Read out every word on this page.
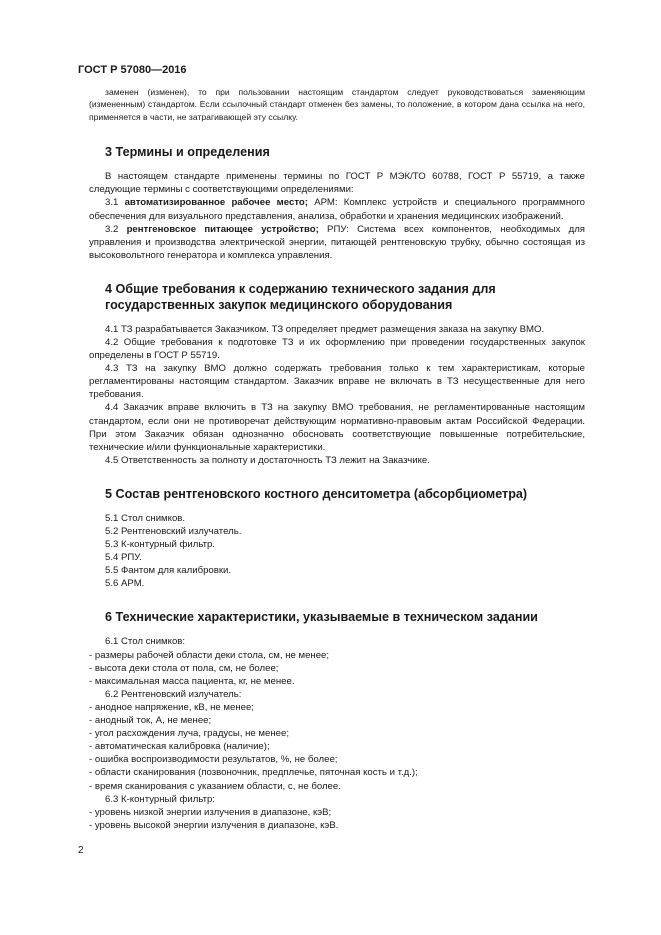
ГОСТ Р 57080—2016

заменен (изменен), то при пользовании настоящим стандартом следует руководствоваться заменяющим (измененным) стандартом. Если ссылочный стандарт отменен без замены, то положение, в котором дана ссылка на него, применяется в части, не затрагивающей эту ссылку.

3 Термины и определения

В настоящем стандарте применены термины по ГОСТ Р МЭК/ТО 60788, ГОСТ Р 55719, а также следующие термины с соответствующими определениями:

3.1 автоматизированное рабочее место; АРМ: Комплекс устройств и специального программного обеспечения для визуального представления, анализа, обработки и хранения медицинских изображений.

3.2 рентгеновское питающее устройство; РПУ: Система всех компонентов, необходимых для управления и производства электрической энергии, питающей рентгеновскую трубку, обычно состоящая из высоковольтного генератора и комплекса управления.

4 Общие требования к содержанию технического задания для государственных закупок медицинского оборудования

4.1 ТЗ разрабатывается Заказчиком. ТЗ определяет предмет размещения заказа на закупку ВМО.

4.2 Общие требования к подготовке ТЗ и их оформлению при проведении государственных закупок определены в ГОСТ Р 55719.

4.3 ТЗ на закупку ВМО должно содержать требования только к тем характеристикам, которые регламентированы настоящим стандартом. Заказчик вправе не включать в ТЗ несущественные для него требования.

4.4 Заказчик вправе включить в ТЗ на закупку ВМО требования, не регламентированные настоящим стандартом, если они не противоречат действующим нормативно-правовым актам Российской Федерации. При этом Заказчик обязан однозначно обосновать соответствующие повышенные потребительские, технические и/или функциональные характеристики.

4.5 Ответственность за полноту и достаточность ТЗ лежит на Заказчике.

5 Состав рентгеновского костного денситометра (абсорбциометра)

5.1 Стол снимков.

5.2 Рентгеновский излучатель.

5.3 К-контурный фильтр.

5.4 РПУ.

5.5 Фантом для калибровки.

5.6 АРМ.

6 Технические характеристики, указываемые в техническом задании

6.1 Стол снимков:

- размеры рабочей области деки стола, см, не менее;

- высота деки стола от пола, см, не более;

- максимальная масса пациента, кг, не менее.

6.2 Рентгеновский излучатель:

- анодное напряжение, кВ, не менее;

- анодный ток, А, не менее;

- угол расхождения луча, градусы, не менее;

- автоматическая калибровка (наличие);

- ошибка воспроизводимости результатов, %, не более;

- области сканирования (позвоночник, предплечье, пяточная кость и т.д.);

- время сканирования с указанием области, с, не более.

6.3 К-контурный фильтр:

- уровень низкой энергии излучения в диапазоне, кэВ;

- уровень высокой энергии излучения в диапазоне, кэВ.

2
